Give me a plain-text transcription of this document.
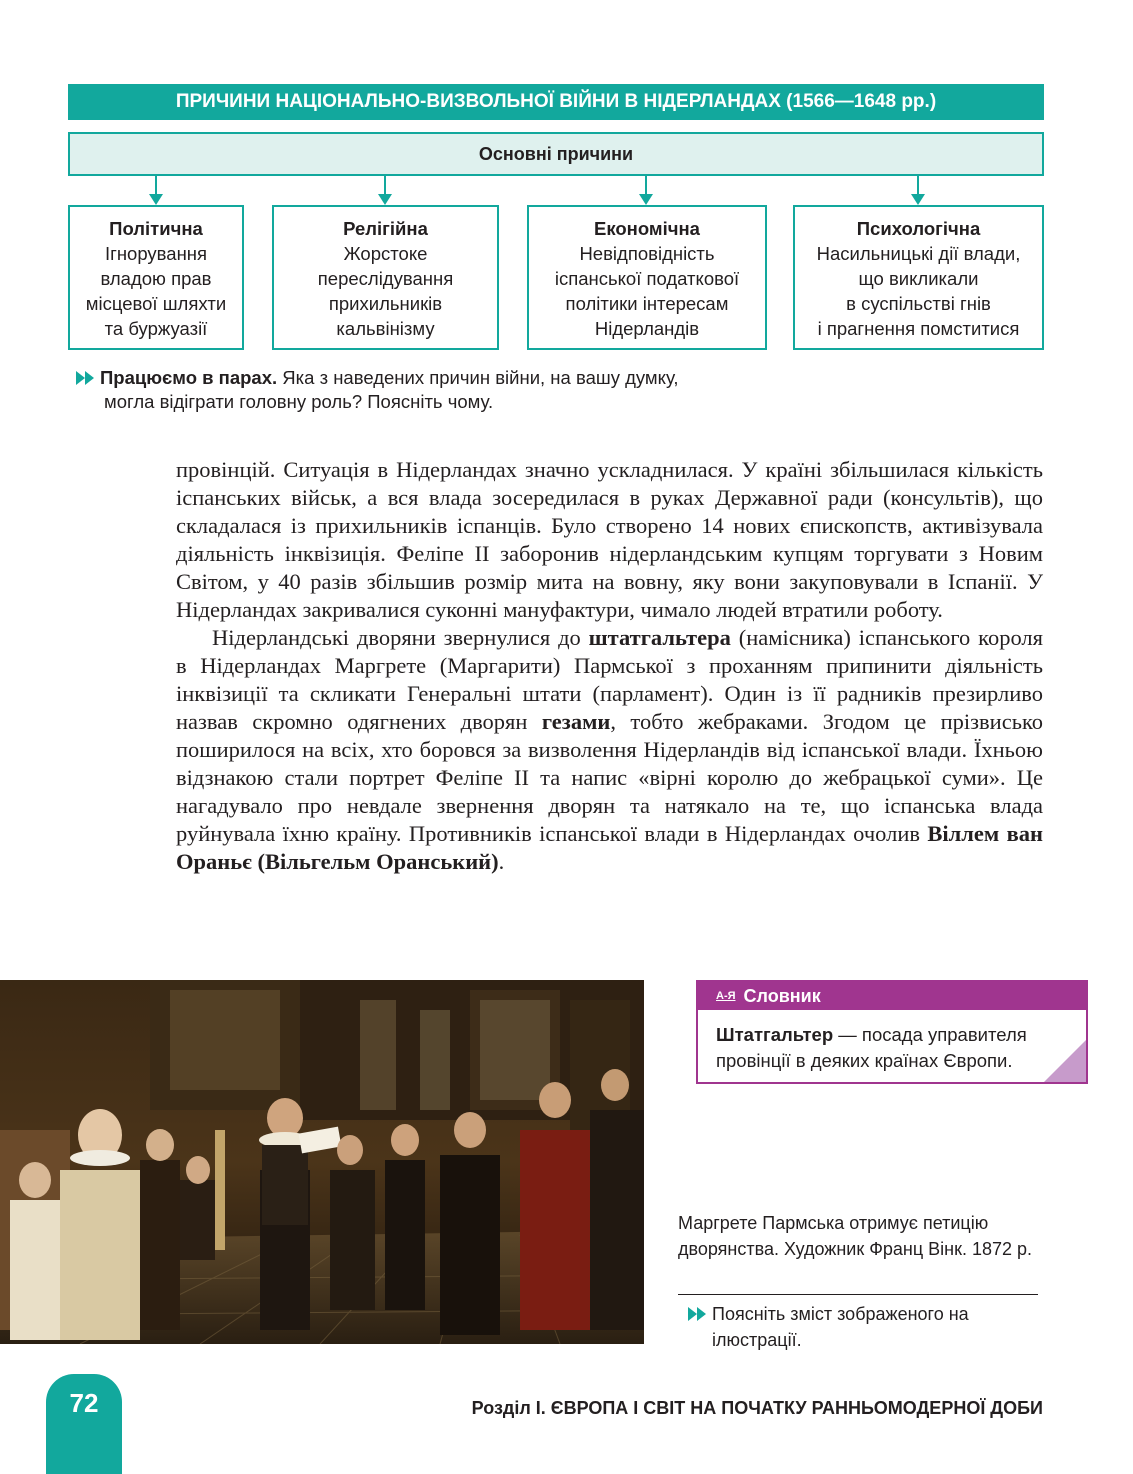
ПРИЧИНИ НАЦІОНАЛЬНО-ВИЗВОЛЬНОЇ ВІЙНИ В НІДЕРЛАНДАХ (1566—1648 рр.)
Основні причини
Політична
Ігнорування
владою прав
місцевої шляхти
та буржуазії
Релігійна
Жорстоке
переслідування
прихильників
кальвінізму
Економічна
Невідповідність
іспанської податкової
політики інтересам
Нідерландів
Психологічна
Насильницькі дії влади,
що викликали
в суспільстві гнів
і прагнення помститися
Працюємо в парах. Яка з наведених причин війни, на вашу думку,
могла відіграти головну роль? Поясніть чому.

провінцій. Ситуація в Нідерландах значно ускладнилася. У країні збільшилася кількість іспанських військ, а вся влада зосередилася в руках Державної ради (консультів), що складалася із прихильників іспанців. Було створено 14 нових єпископств, активізувала діяльність інквізиція. Феліпе ІІ заборонив нідерландським купцям торгувати з Новим Світом, у 40 разів збільшив розмір мита на вовну, яку вони закуповували в Іспанії. У Нідерландах закривалися суконні мануфактури, чимало людей втратили роботу.

Нідерландські дворяни звернулися до штатгальтера (намісника) іспанського короля в Нідерландах Маргрете (Маргарити) Пармської з проханням припинити діяльність інквізиції та скликати Генеральні штати (парламент). Один із її радників презирливо назвав скромно одягнених дворян гезами, тобто жебраками. Згодом це прізвисько поширилося на всіх, хто боровся за визволення Нідерландів від іспанської влади. Їхньою відзнакою стали портрет Феліпе ІІ та напис «вірні королю до жебрацької суми». Це нагадувало про невдале звернення дворян та натякало на те, що іспанська влада руйнувала їхню країну. Противників іспанської влади в Нідерландах очолив Віллем ван Ораньє (Вільгельм Оранський).

А-Я Словник
Штатгальтер — посада управителя провінції в деяких країнах Європи.
Маргрете Пармська отримує петицію дворянства. Художник Франц Вінк. 1872 р.
Поясніть зміст зображеного на ілюстрації.
72	Розділ І. ЄВРОПА І СВІТ НА ПОЧАТКУ РАННЬОМОДЕРНОЇ ДОБИ
